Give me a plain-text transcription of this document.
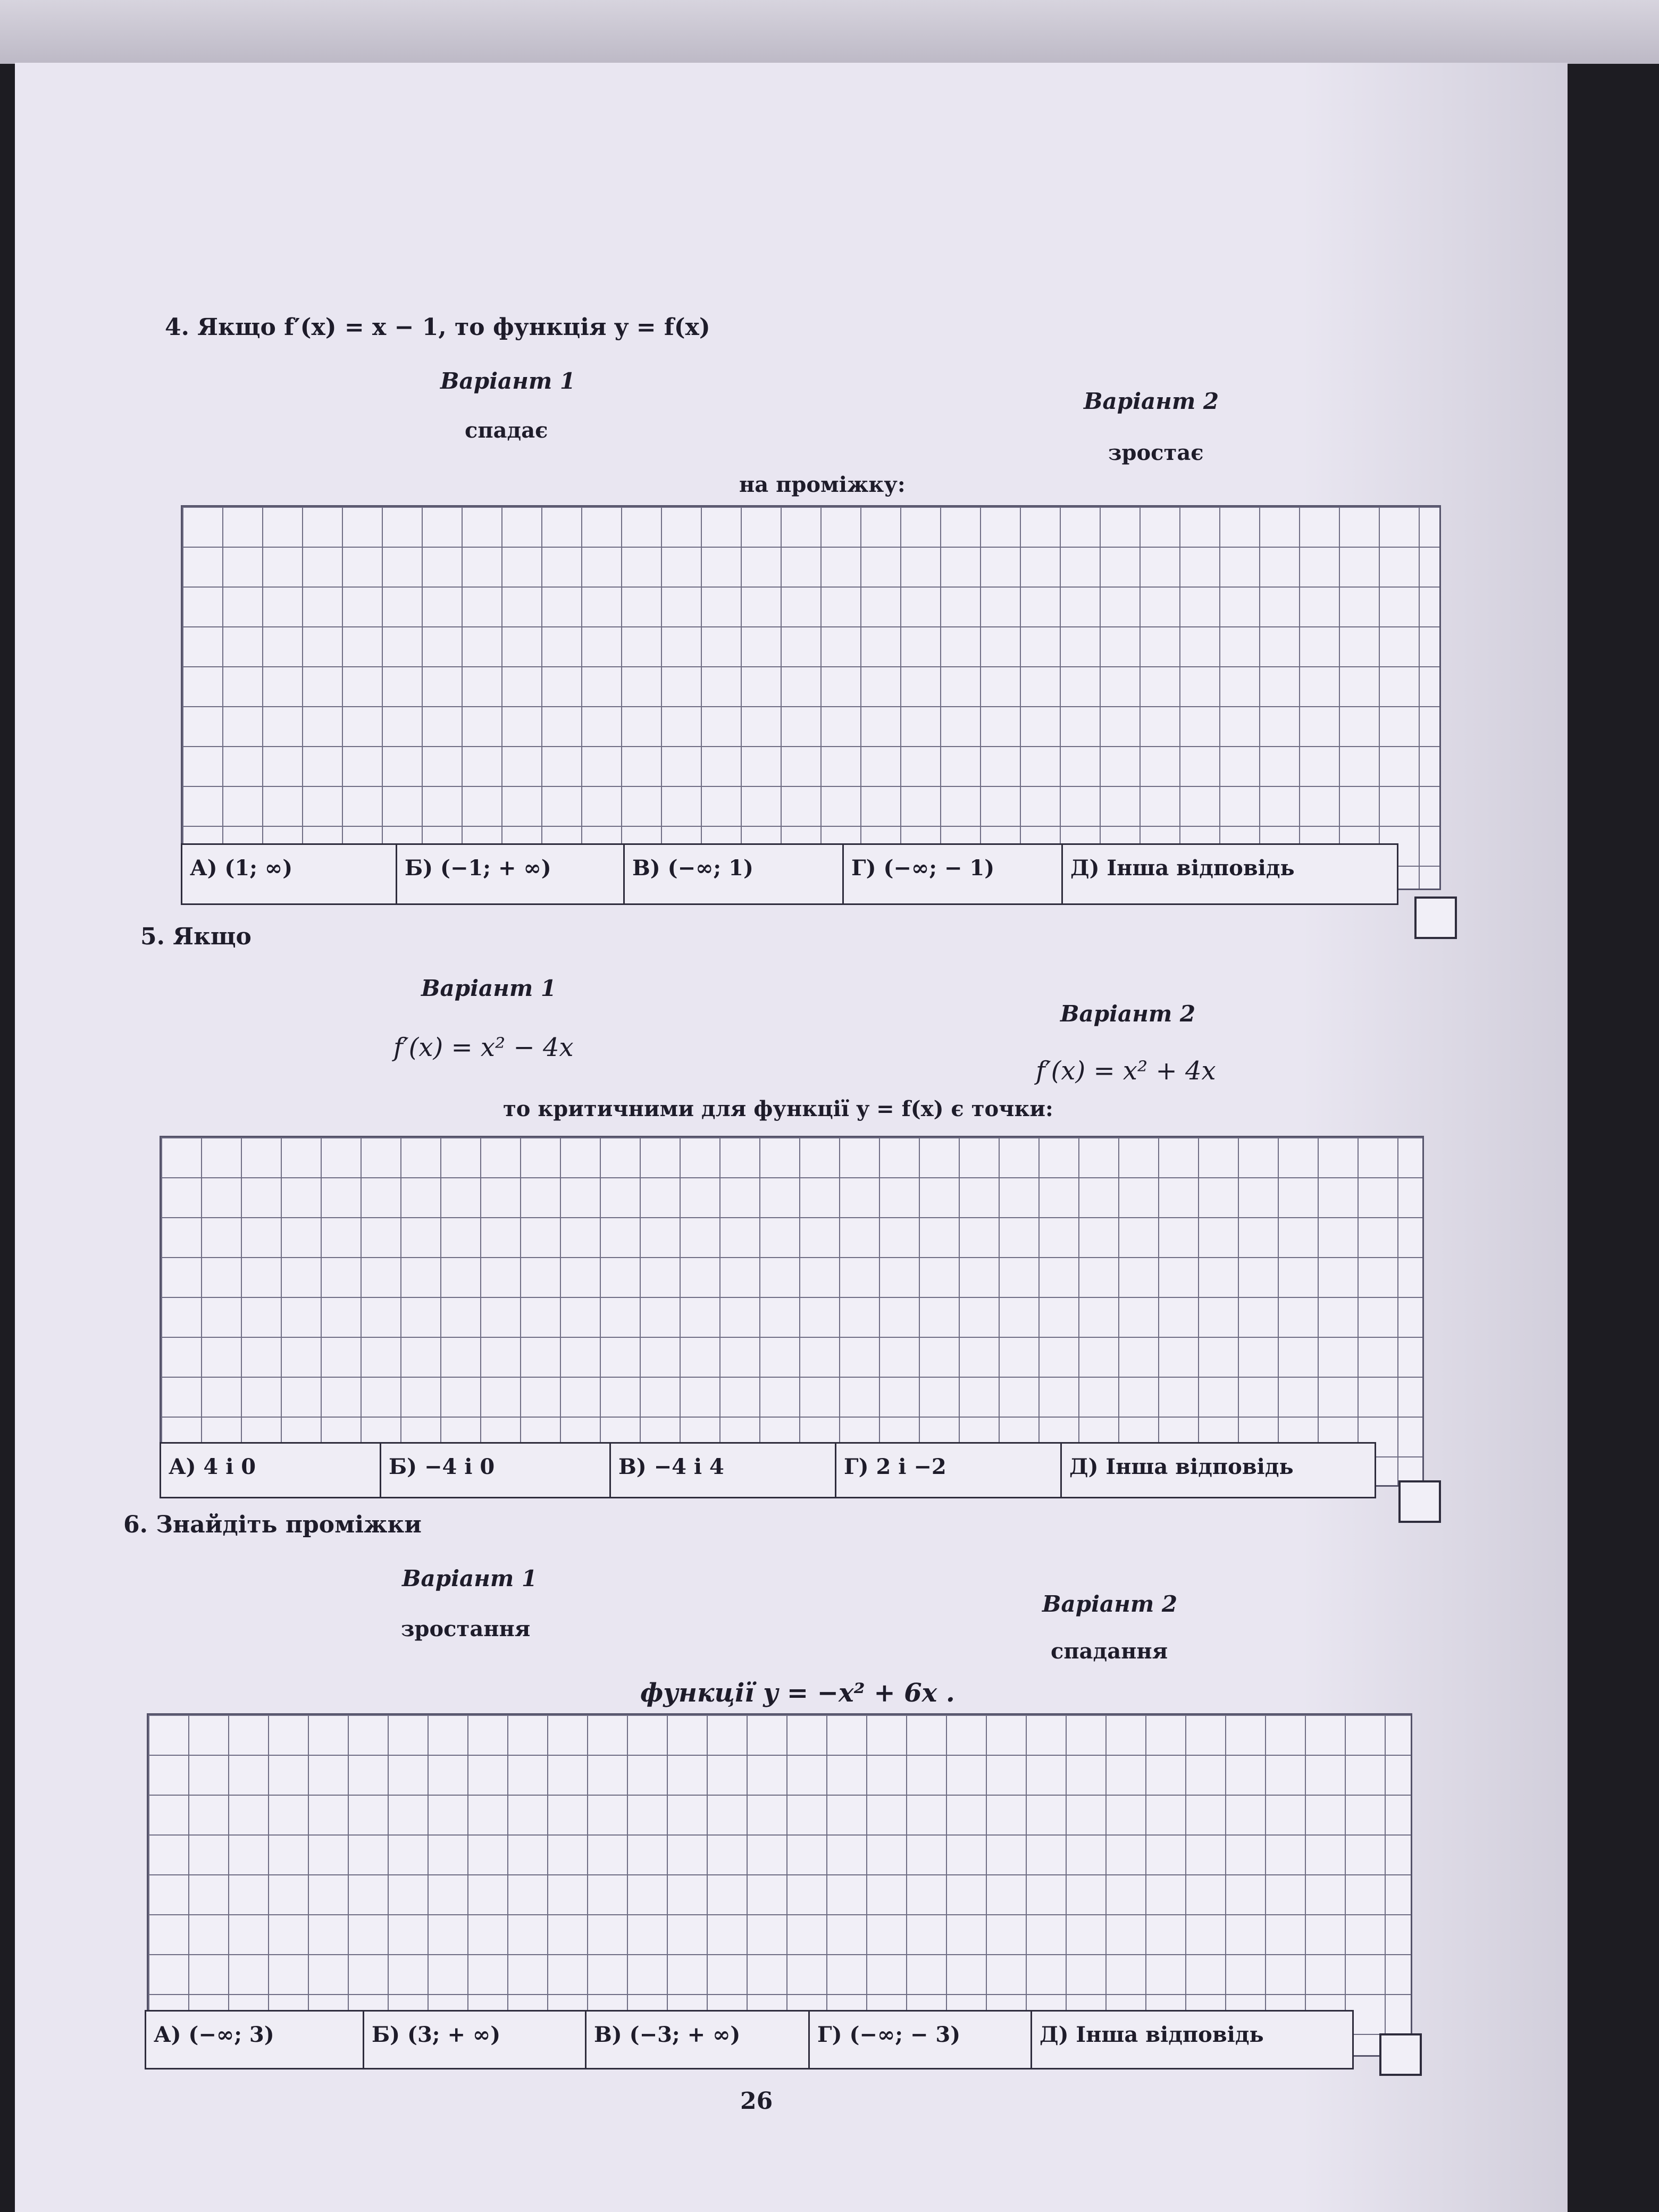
4. Якщо f′(x) = x − 1, то функція y = f(x)
Варіант 1
спадає
Варіант 2
зростає
на проміжку:
А) (1; ∞)	Б) (−1; + ∞)	В) (−∞; 1)	Г) (−∞; − 1)	Д) Інша відповідь
5. Якщо
Варіант 1
f′(x) = x² − 4x
Варіант 2
f′(x) = x² + 4x
то критичними для функції y = f(x) є точки:
А) 4 і 0	Б) −4 і 0	В) −4 і 4	Г) 2 і −2	Д) Інша відповідь
6. Знайдіть проміжки
Варіант 1
зростання
Варіант 2
спадання
функції y = −x² + 6x .
А) (−∞; 3)	Б) (3; + ∞)	В) (−3; + ∞)	Г) (−∞; − 3)	Д) Інша відповідь
26
